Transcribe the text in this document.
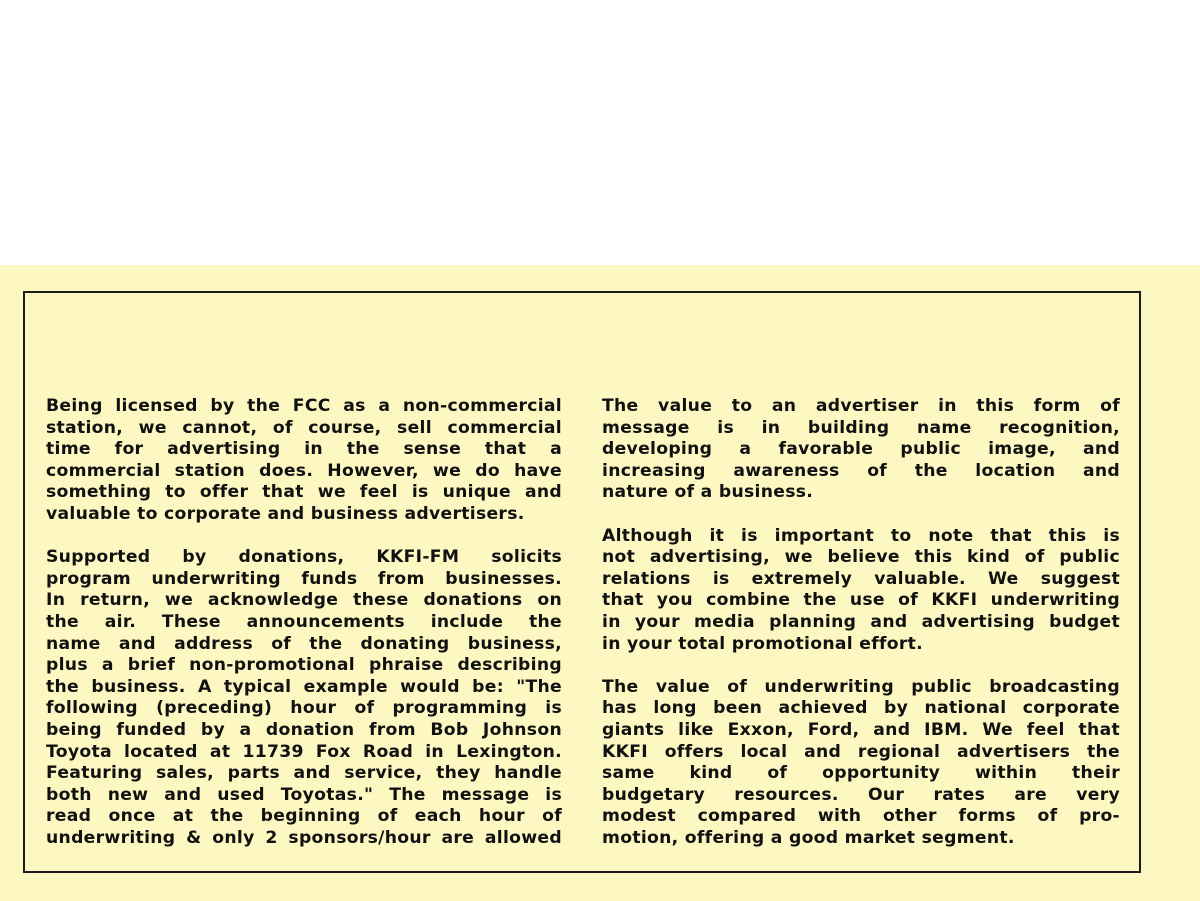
Being licensed by the FCC as a non-commercial
station, we cannot, of course, sell commercial
time for advertising in the sense that a
commercial station does. However, we do have
something to offer that we feel is unique and
valuable to corporate and business advertisers.
Supported by donations, KKFI-FM solicits
program underwriting funds from businesses.
In return, we acknowledge these donations on
the air. These announcements include the
name and address of the donating business,
plus a brief non-promotional phraise describing
the business. A typical example would be: "The
following (preceding) hour of programming is
being funded by a donation from Bob Johnson
Toyota located at 11739 Fox Road in Lexington.
Featuring sales, parts and service, they handle
both new and used Toyotas." The message is
read once at the beginning of each hour of
underwriting & only 2 sponsors/hour are allowed
The value to an advertiser in this form of
message is in building name recognition,
developing a favorable public image, and
increasing awareness of the location and
nature of a business.
Although it is important to note that this is
not advertising, we believe this kind of public
relations is extremely valuable. We suggest
that you combine the use of KKFI underwriting
in your media planning and advertising budget
in your total promotional effort.
The value of underwriting public broadcasting
has long been achieved by national corporate
giants like Exxon, Ford, and IBM. We feel that
KKFI offers local and regional advertisers the
same kind of opportunity within their
budgetary resources. Our rates are very
modest compared with other forms of pro-
motion, offering a good market segment.
